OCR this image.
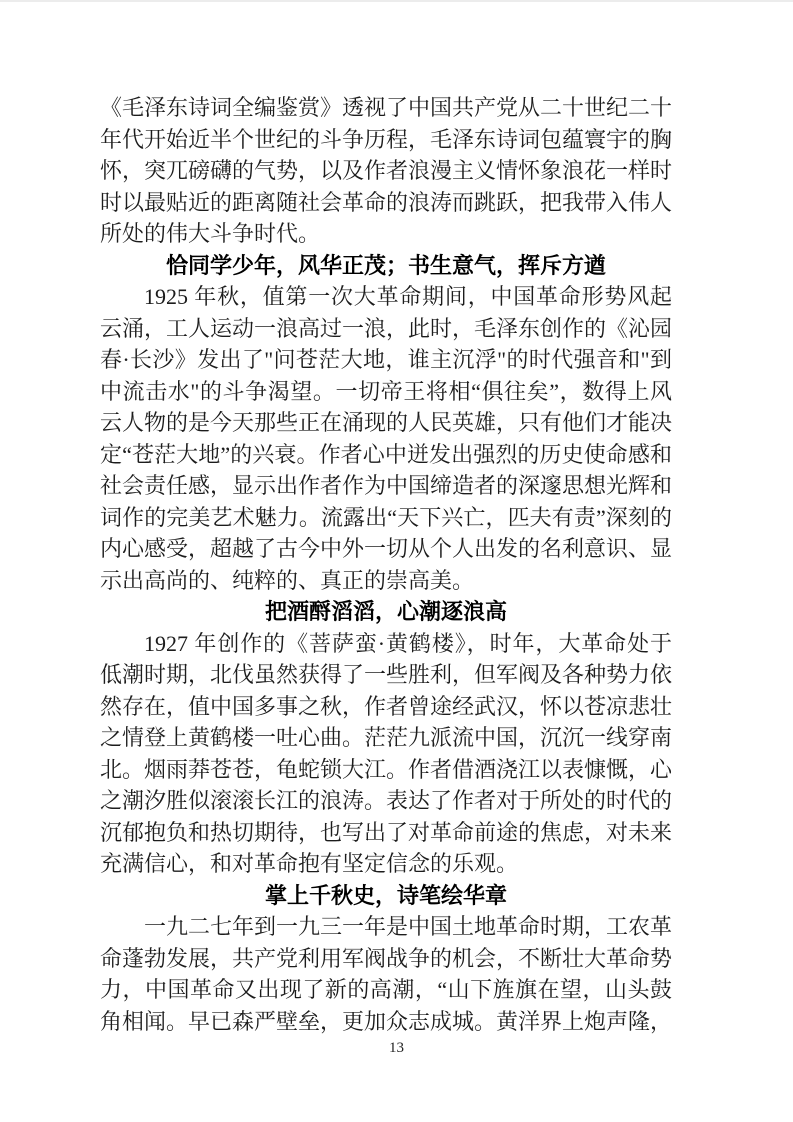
《毛泽东诗词全编鉴赏》透视了中国共产党从二十世纪二十年代开始近半个世纪的斗争历程，毛泽东诗词包蕴寰宇的胸怀，突兀磅礴的气势，以及作者浪漫主义情怀象浪花一样时时以最贴近的距离随社会革命的浪涛而跳跃，把我带入伟人所处的伟大斗争时代。

恰同学少年，风华正茂；书生意气，挥斥方遒

1925 年秋，值第一次大革命期间，中国革命形势风起云涌，工人运动一浪高过一浪，此时，毛泽东创作的《沁园春·长沙》发出了"问苍茫大地，谁主沉浮"的时代强音和"到中流击水"的斗争渴望。一切帝王将相“俱往矣”，数得上风云人物的是今天那些正在涌现的人民英雄，只有他们才能决定“苍茫大地”的兴衰。作者心中迸发出强烈的历史使命感和社会责任感，显示出作者作为中国缔造者的深邃思想光辉和词作的完美艺术魅力。流露出“天下兴亡，匹夫有责”深刻的内心感受，超越了古今中外一切从个人出发的名利意识、显示出高尚的、纯粹的、真正的崇高美。

把酒酹滔滔，心潮逐浪高

1927 年创作的《菩萨蛮·黄鹤楼》，时年，大革命处于低潮时期，北伐虽然获得了一些胜利，但军阀及各种势力依然存在，值中国多事之秋，作者曾途经武汉，怀以苍凉悲壮之情登上黄鹤楼一吐心曲。茫茫九派流中国，沉沉一线穿南北。烟雨莽苍苍，龟蛇锁大江。作者借酒浇江以表慷慨，心之潮汐胜似滚滚长江的浪涛。表达了作者对于所处的时代的沉郁抱负和热切期待，也写出了对革命前途的焦虑，对未来充满信心，和对革命抱有坚定信念的乐观。

掌上千秋史，诗笔绘华章

一九二七年到一九三一年是中国土地革命时期，工农革命蓬勃发展，共产党利用军阀战争的机会，不断壮大革命势力，中国革命又出现了新的高潮，“山下旌旗在望，山头鼓角相闻。早已森严壁垒，更加众志成城。黄洋界上炮声隆，

13
